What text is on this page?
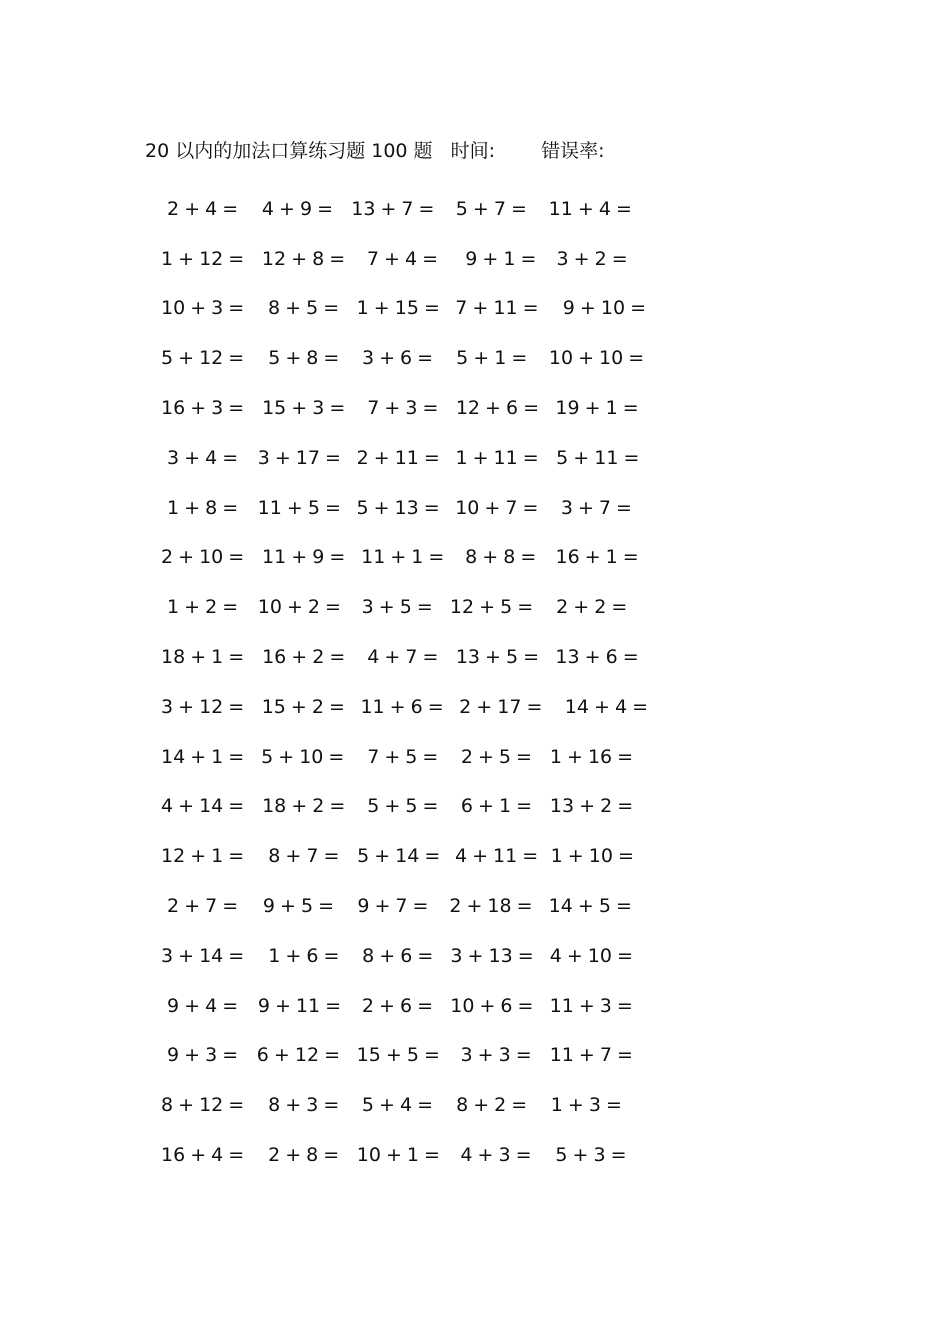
20 以内的加法口算练习题 100 题 时间: 错误率:
2 + 4 =	4 + 9 = 13 + 7 =	5 + 7 =	11 + 4 =
1 + 12 = 12 + 8 =	7 + 4 =	9 + 1 =	3 + 2 =
10 + 3 =	8 + 5 = 1 + 15 = 7 + 11 =	9 + 10 =
5 + 12 =	5 + 8 =	3 + 6 =	5 + 1 =	10 + 10 =
16 + 3 = 15 + 3 =	7 + 3 = 12 + 6 = 19 + 1 =
3 + 4 =	3 + 17 = 2 + 11 = 1 + 11 = 5 + 11 =
1 + 8 =	11 + 5 = 5 + 13 = 10 + 7 =	3 + 7 =
2 + 10 = 11 + 9 = 11 + 1 =	8 + 8 =	16 + 1 =
1 + 2 =	10 + 2 =	3 + 5 = 12 + 5 =	2 + 2 =
18 + 1 = 16 + 2 =	4 + 7 = 13 + 5 = 13 + 6 =
3 + 12 = 15 + 2 = 11 + 6 = 2 + 17 =	14 + 4 =
14 + 1 = 5 + 10 =	7 + 5 =	2 + 5 = 1 + 16 =
4 + 14 = 18 + 2 =	5 + 5 =	6 + 1 = 13 + 2 =
12 + 1 =	8 + 7 = 5 + 14 = 4 + 11 = 1 + 10 =
2 + 7 =	9 + 5 =	9 + 7 =	2 + 18 = 14 + 5 =
3 + 14 =	1 + 6 =	8 + 6 = 3 + 13 = 4 + 10 =
9 + 4 =	9 + 11 =	2 + 6 = 10 + 6 = 11 + 3 =
9 + 3 = 6 + 12 = 15 + 5 =	3 + 3 = 11 + 7 =
8 + 12 =	8 + 3 =	5 + 4 =	8 + 2 =	1 + 3 =
16 + 4 =	2 + 8 = 10 + 1 =	4 + 3 =	5 + 3 =
